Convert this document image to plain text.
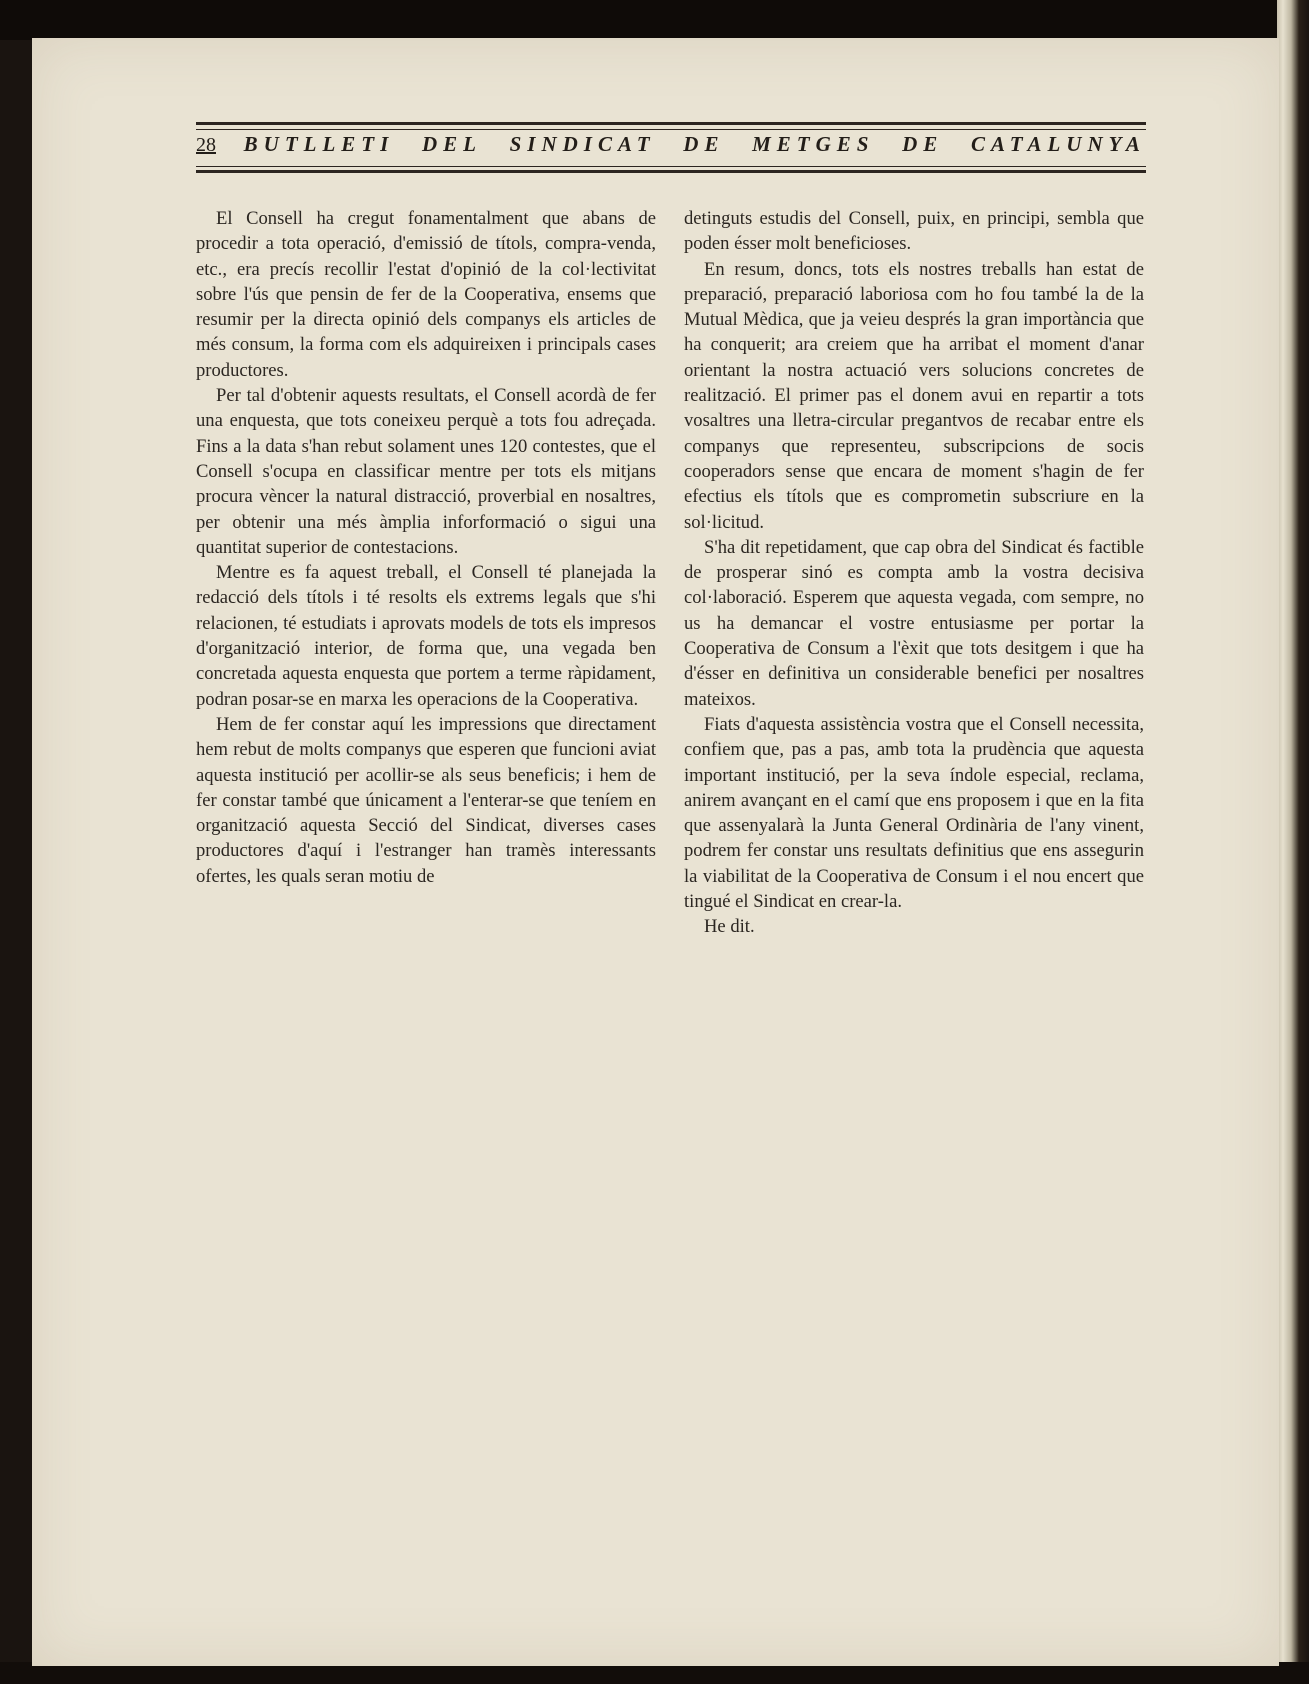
28 BUTLLETI DEL SINDICAT DE METGES DE CATALUNYA

El Consell ha cregut fonamentalment que abans de procedir a tota operació, d'emissió de títols, compra-venda, etc., era precís recollir l'estat d'opinió de la col·lectivitat sobre l'ús que pensin de fer de la Cooperativa, ensems que resumir per la directa opinió dels companys els articles de més consum, la forma com els adquireixen i principals cases productores.

Per tal d'obtenir aquests resultats, el Consell acordà de fer una enquesta, que tots coneixeu perquè a tots fou adreçada. Fins a la data s'han rebut solament unes 120 contestes, que el Consell s'ocupa en classificar mentre per tots els mitjans procura vèncer la natural distracció, proverbial en nosaltres, per obtenir una més àmplia inforformació o sigui una quantitat superior de contestacions.

Mentre es fa aquest treball, el Consell té planejada la redacció dels títols i té resolts els extrems legals que s'hi relacionen, té estudiats i aprovats models de tots els impresos d'organització interior, de forma que, una vegada ben concretada aquesta enquesta que portem a terme ràpidament, podran posar-se en marxa les operacions de la Cooperativa.

Hem de fer constar aquí les impressions que directament hem rebut de molts companys que esperen que funcioni aviat aquesta institució per acollir-se als seus beneficis; i hem de fer constar també que únicament a l'enterar-se que teníem en organització aquesta Secció del Sindicat, diverses cases productores d'aquí i l'estranger han tramès interessants ofertes, les quals seran motiu de

detinguts estudis del Consell, puix, en principi, sembla que poden ésser molt beneficioses.

En resum, doncs, tots els nostres treballs han estat de preparació, preparació laboriosa com ho fou també la de la Mutual Mèdica, que ja veieu després la gran importància que ha conquerit; ara creiem que ha arribat el moment d'anar orientant la nostra actuació vers solucions concretes de realització. El primer pas el donem avui en repartir a tots vosaltres una lletra-circular pregantvos de recabar entre els companys que representeu, subscripcions de socis cooperadors sense que encara de moment s'hagin de fer efectius els títols que es comprometin subscriure en la sol·licitud.

S'ha dit repetidament, que cap obra del Sindicat és factible de prosperar sinó es compta amb la vostra decisiva col·laboració. Esperem que aquesta vegada, com sempre, no us ha demancar el vostre entusiasme per portar la Cooperativa de Consum a l'èxit que tots desitgem i que ha d'ésser en definitiva un considerable benefici per nosaltres mateixos.

Fiats d'aquesta assistència vostra que el Consell necessita, confiem que, pas a pas, amb tota la prudència que aquesta important institució, per la seva índole especial, reclama, anirem avançant en el camí que ens proposem i que en la fita que assenyalarà la Junta General Ordinària de l'any vinent, podrem fer constar uns resultats definitius que ens assegurin la viabilitat de la Cooperativa de Consum i el nou encert que tingué el Sindicat en crear-la.

He dit.
